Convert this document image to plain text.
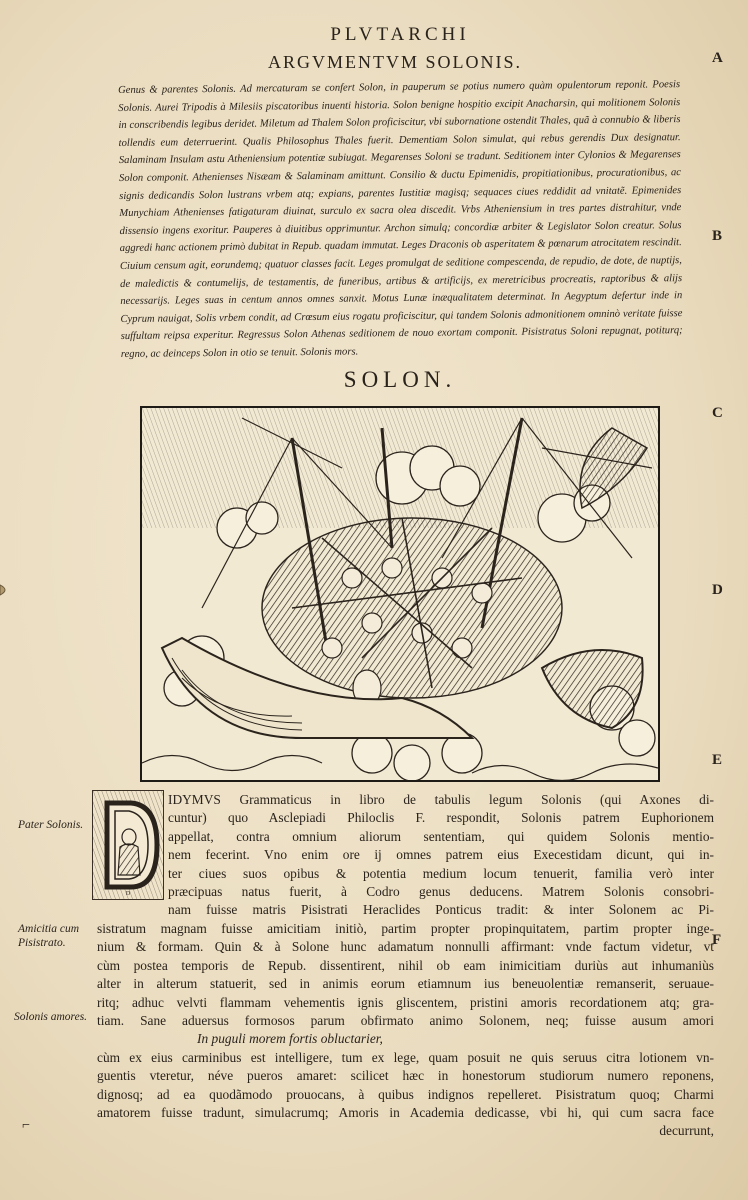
PLVTARCHI
ARGVMENTVM SOLONIS.
Genus & parentes Solonis. Ad mercaturam se confert Solon, in pauperum se potius numero quàm opulentorum reponit. Poesis Solonis. Aurei Tripodis à Milesiis piscatoribus inuenti historia. Solon benigne hospitio excipit Anacharsin, qui molitionem Solonis in conscribendis legibus deridet. Miletum ad Thalem Solon proficiscitur, vbi subornatione ostendit Thales, quã à connubio & liberis tollendis eum deterruerint. Qualis Philosophus Thales fuerit. Dementiam Solon simulat, qui rebus gerendis Dux designatur. Salaminam Insulam astu Atheniensium potentiæ subiugat. Megarenses Soloni se tradunt. Seditionem inter Cylonios & Megarenses Solon componit. Athenienses Nisæam & Salaminam amittunt. Consilio & ductu Epimenidis, propitiationibus, procurationibus, ac signis dedicandis Solon lustrans vrbem atq; expians, parentes Iustitiæ magisq; sequaces ciues reddidit ad vnitatẽ. Epimenides Munychiam Athenienses fatigaturam diuinat, surculo ex sacra olea discedit. Vrbs Atheniensium in tres partes distrahitur, vnde dissensio ingens exoritur. Pauperes à diuitibus opprimuntur. Archon simulq; concordiæ arbiter & Legislator Solon creatur. Solus aggredi hanc actionem primò dubitat in Repub. quadam immutat. Leges Draconis ob asperitatem & pœnarum atrocitatem rescindit. Ciuium censum agit, eorundemq; quatuor classes facit. Leges promulgat de seditione compescenda, de repudio, de dote, de nuptijs, de maledictis & contumelijs, de testamentis, de funeribus, artibus & artificijs, ex meretricibus procreatis, raptoribus & alijs necessarijs. Leges suas in centum annos omnes sanxit. Motus Lunæ inæqualitatem determinat. In Aegyptum defertur inde in Cyprum nauigat, Solis vrbem condit, ad Crœsum eius rogatu proficiscitur, qui tandem Solonis admonitionem omninò veritate fuisse suffultam reipsa experitur. Regressus Solon Athenas seditionem de nouo exortam componit. Pisistratus Soloni repugnat, potiturq; regno, ac deinceps Solon in otio se tenuit. Solonis mors.
SOLON.
A
B
C
D
E
F
D
IDYMVS Grammaticus in libro de tabulis legum Solonis (qui Axones di-
cuntur) quo Asclepiadi Philoclis F. respondit, Solonis patrem Euphorionem
appellat, contra omnium aliorum sententiam, qui quidem Solonis mentio-
nem fecerint. Vno enim ore ij omnes patrem eius Execestidam dicunt, qui in-
ter ciues suos opibus & potentia medium locum tenuerit, familia verò inter
præcipuas natus fuerit, à Codro genus deducens. Matrem Solonis consobri-
nam fuisse matris Pisistrati Heraclides Ponticus tradit: & inter Solonem ac Pi-
sistratum magnam fuisse amicitiam initiò, partim propter propinquitatem, partim propter inge-
nium & formam. Quin & à Solone hunc adamatum nonnulli affirmant: vnde factum videtur, vt
cùm postea temporis de Repub. dissentirent, nihil ob eam inimicitiam duriùs aut inhumaniùs
alter in alterum statuerit, sed in animis eorum etiamnum ius beneuolentiæ remanserit, seruaue-
ritq; adhuc velvti flammam vehementis ignis gliscentem, pristini amoris recordationem atq; gra-
tiam. Sane aduersus formosos parum obfirmato animo Solonem, neq; fuisse ausum amori
In puguli morem fortis obluctarier,
cùm ex eius carminibus est intelligere, tum ex lege, quam posuit ne quis seruus citra lotionem vn-
guentis vteretur, néve pueros amaret: scilicet hæc in honestorum studiorum numero reponens,
dignosq; ad ea quodãmodo prouocans, à quibus indignos repelleret. Pisistratum quoq; Charmi
amatorem fuisse tradunt, simulacrumq; Amoris in Academia dedicasse, vbi hi, qui cum sacra face
decurrunt,
Pater Solonis.
Amicitia cum Pisistrato.
Solonis amores.
⌐
